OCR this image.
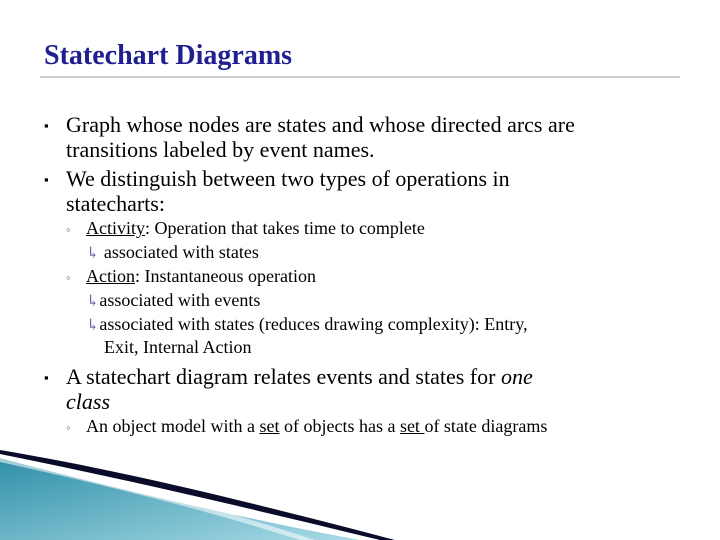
Statechart Diagrams
▪ Graph whose nodes are states and whose directed arcs are
transitions labeled by event names.
▪ We distinguish between two types of operations in
statecharts:
◦ Activity: Operation that takes time to complete
↳ associated with states
◦ Action: Instantaneous operation
↳associated with events
↳associated with states (reduces drawing complexity): Entry,
Exit, Internal Action
▪ A statechart diagram relates events and states for one
class
◦ An object model with a set of objects has a set of state diagrams
